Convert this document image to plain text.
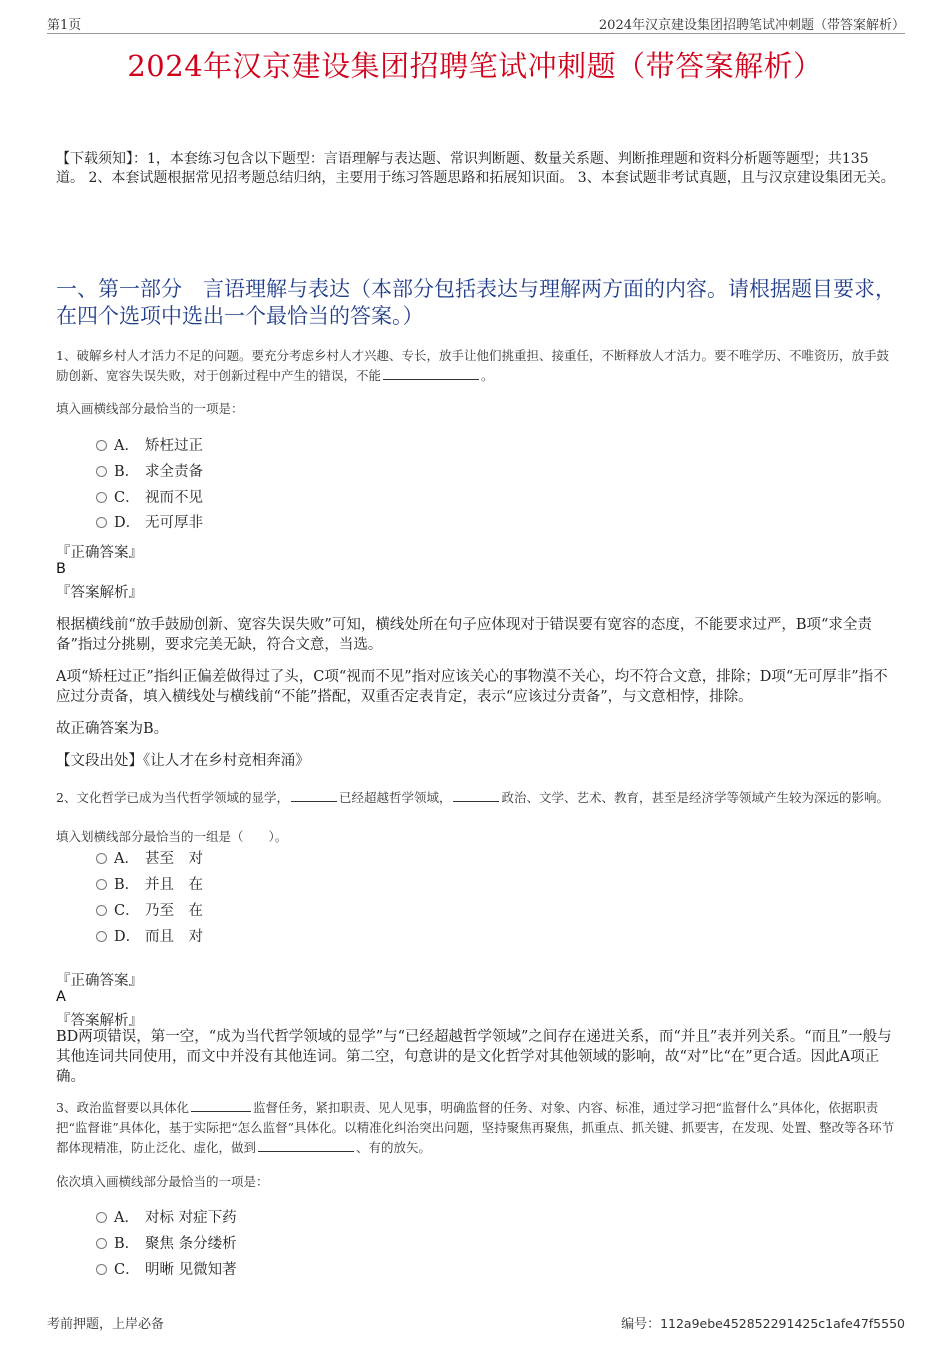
第1页	2024年汉京建设集团招聘笔试冲刺题（带答案解析）
2024年汉京建设集团招聘笔试冲刺题（带答案解析）
【下载须知】：1，本套练习包含以下题型：言语理解与表达题、常识判断题、数量关系题、判断推理题和资料分析题等题型；共135道。 2、本套试题根据常见招考题总结归纳，主要用于练习答题思路和拓展知识面。 3、本套试题非考试真题，且与汉京建设集团无关。
一、第一部分　言语理解与表达（本部分包括表达与理解两方面的内容。请根据题目要求，在四个选项中选出一个最恰当的答案。）
1、破解乡村人才活力不足的问题。要充分考虑乡村人才兴趣、专长，放手让他们挑重担、接重任，不断释放人才活力。要不唯学历、不唯资历，放手鼓励创新、宽容失误失败，对于创新过程中产生的错误，不能	。
填入画横线部分最恰当的一项是：
A． 矫枉过正
B． 求全责备
C． 视而不见
D． 无可厚非
『正确答案』
B
『答案解析』
根据横线前“放手鼓励创新、宽容失误失败”可知，横线处所在句子应体现对于错误要有宽容的态度，不能要求过严，B项“求全责备”指过分挑剔，要求完美无缺，符合文意，当选。
A项“矫枉过正”指纠正偏差做得过了头，C项“视而不见”指对应该关心的事物漠不关心，均不符合文意，排除；D项“无可厚非”指不应过分责备，填入横线处与横线前“不能”搭配，双重否定表肯定，表示“应该过分责备”，与文意相悖，排除。
故正确答案为B。
【文段出处】《让人才在乡村竞相奔涌》
2、文化哲学已成为当代哲学领域的显学，	已经超越哲学领域，	政治、文学、艺术、教育，甚至是经济学等领域产生较为深远的影响。
填入划横线部分最恰当的一组是（　　）。
A． 甚至　对
B． 并且　在
C． 乃至　在
D． 而且　对
『正确答案』
A
『答案解析』
BD两项错误，第一空，“成为当代哲学领域的显学”与“已经超越哲学领域”之间存在递进关系，而“并且”表并列关系。“而且”一般与其他连词共同使用，而文中并没有其他连词。第二空，句意讲的是文化哲学对其他领域的影响，故“对”比“在”更合适。因此A项正确。
3、政治监督要以具体化	监督任务，紧扣职责、见人见事，明确监督的任务、对象、内容、标准，通过学习把“监督什么”具体化，依据职责把“监督谁”具体化，基于实际把“怎么监督”具体化。以精准化纠治突出问题，坚持聚焦再聚焦，抓重点、抓关键、抓要害，在发现、处置、整改等各环节都体现精准，防止泛化、虚化，做到	、有的放矢。
依次填入画横线部分最恰当的一项是：
A． 对标 对症下药
B． 聚焦 条分缕析
C． 明晰 见微知著
考前押题，上岸必备	编号：112a9ebe452852291425c1afe47f5550
